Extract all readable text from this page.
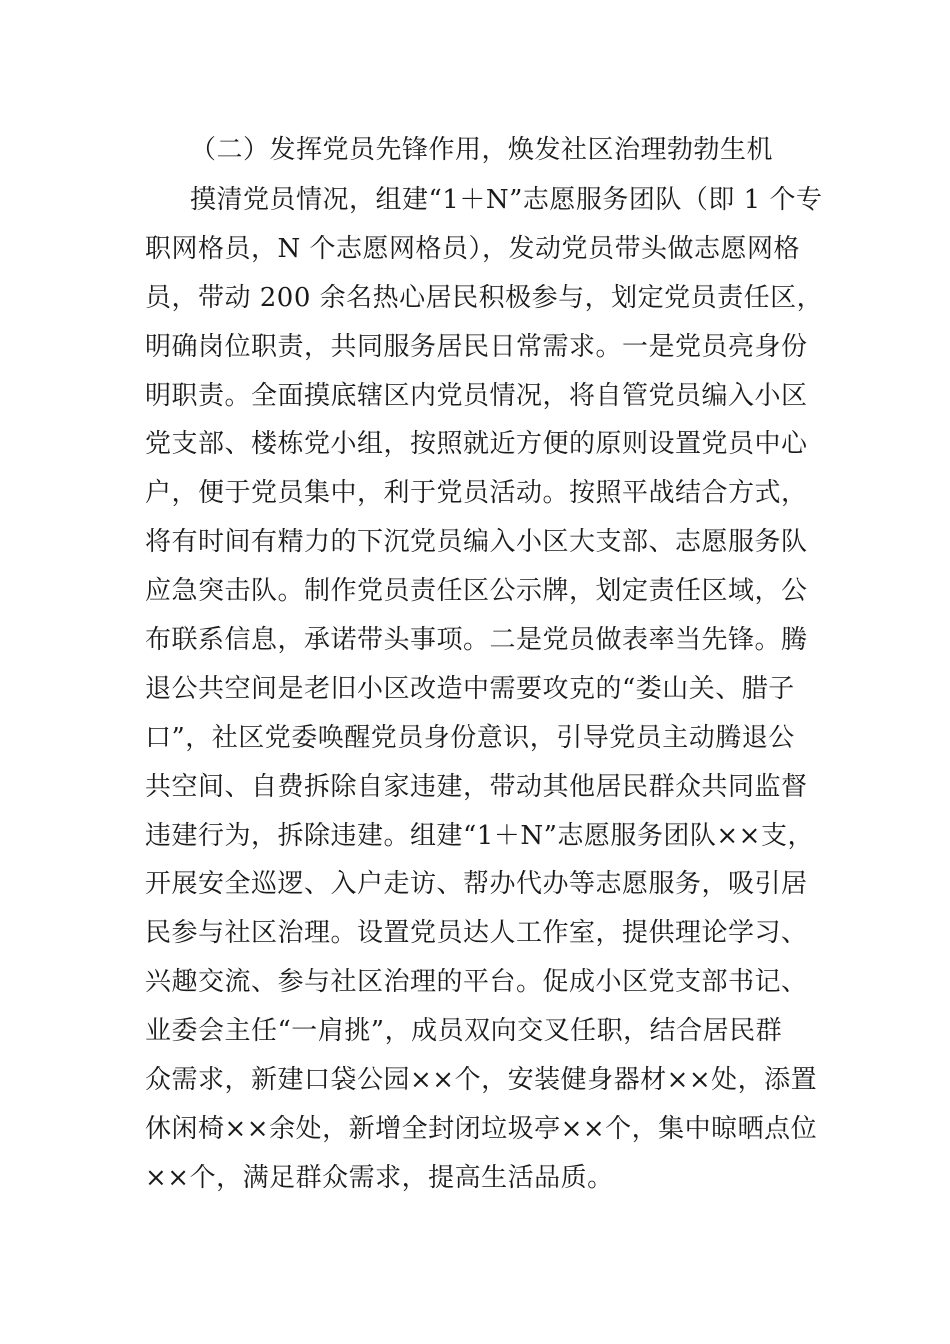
（二）发挥党员先锋作用，焕发社区治理勃勃生机
摸清党员情况，组建“1＋N”志愿服务团队（即 1 个专
职网格员，N 个志愿网格员），发动党员带头做志愿网格
员，带动 200 余名热心居民积极参与，划定党员责任区，
明确岗位职责，共同服务居民日常需求。一是党员亮身份
明职责。全面摸底辖区内党员情况，将自管党员编入小区
党支部、楼栋党小组，按照就近方便的原则设置党员中心
户，便于党员集中，利于党员活动。按照平战结合方式，
将有时间有精力的下沉党员编入小区大支部、志愿服务队
应急突击队。制作党员责任区公示牌，划定责任区域，公
布联系信息，承诺带头事项。二是党员做表率当先锋。腾
退公共空间是老旧小区改造中需要攻克的“娄山关、腊子
口”，社区党委唤醒党员身份意识，引导党员主动腾退公
共空间、自费拆除自家违建，带动其他居民群众共同监督
违建行为，拆除违建。组建“1＋N”志愿服务团队××支，
开展安全巡逻、入户走访、帮办代办等志愿服务，吸引居
民参与社区治理。设置党员达人工作室，提供理论学习、
兴趣交流、参与社区治理的平台。促成小区党支部书记、
业委会主任“一肩挑”，成员双向交叉任职，结合居民群
众需求，新建口袋公园××个，安装健身器材××处，添置
休闲椅××余处，新增全封闭垃圾亭××个，集中晾晒点位
××个，满足群众需求，提高生活品质。
